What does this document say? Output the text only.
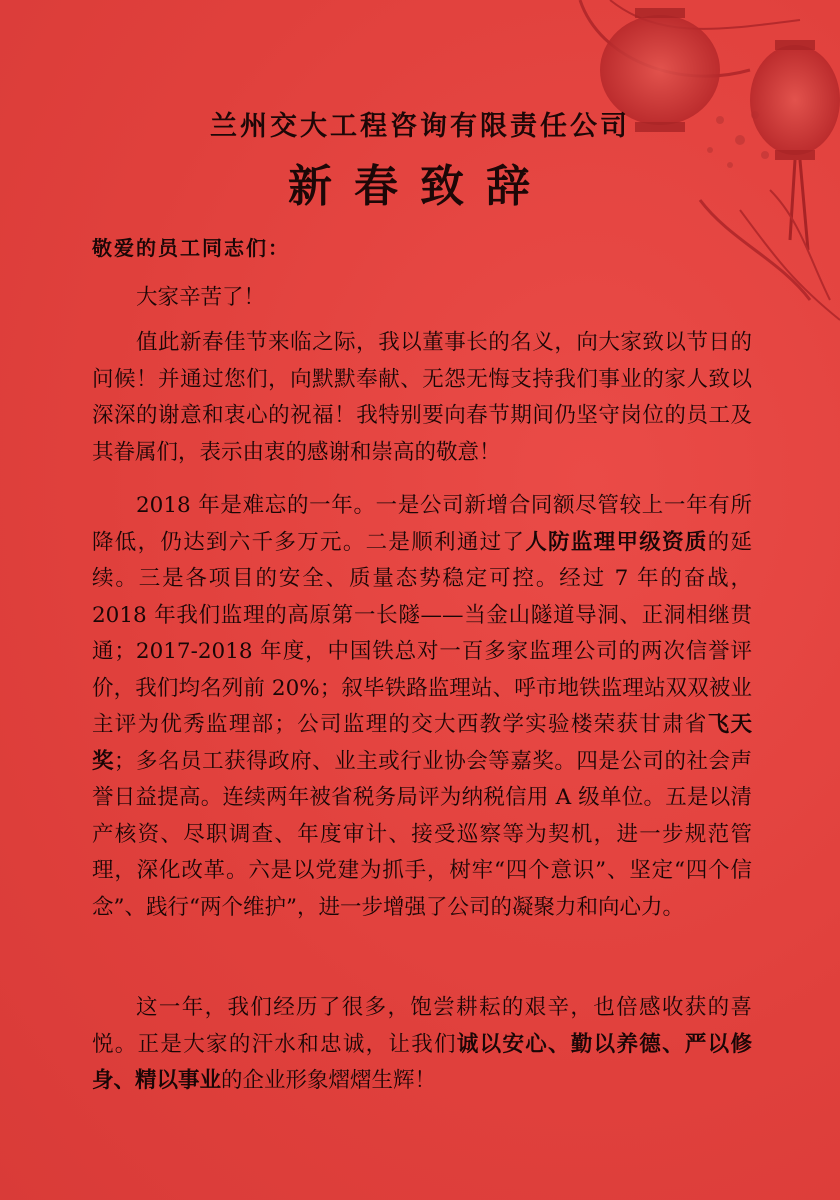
兰州交大工程咨询有限责任公司
新春致辞
敬爱的员工同志们：

大家辛苦了！

值此新春佳节来临之际，我以董事长的名义，向大家致以节日的问候！并通过您们，向默默奉献、无怨无悔支持我们事业的家人致以深深的谢意和衷心的祝福！我特别要向春节期间仍坚守岗位的员工及其眷属们，表示由衷的感谢和崇高的敬意！

2018 年是难忘的一年。一是公司新增合同额尽管较上一年有所降低，仍达到六千多万元。二是顺利通过了人防监理甲级资质的延续。三是各项目的安全、质量态势稳定可控。经过 7 年的奋战，2018 年我们监理的高原第一长隧——当金山隧道导洞、正洞相继贯通；2017-2018 年度，中国铁总对一百多家监理公司的两次信誉评价，我们均名列前 20%；叙毕铁路监理站、呼市地铁监理站双双被业主评为优秀监理部；公司监理的交大西教学实验楼荣获甘肃省飞天奖；多名员工获得政府、业主或行业协会等嘉奖。四是公司的社会声誉日益提高。连续两年被省税务局评为纳税信用 A 级单位。五是以清产核资、尽职调查、年度审计、接受巡察等为契机，进一步规范管理，深化改革。六是以党建为抓手，树牢“四个意识”、坚定“四个信念”、践行“两个维护”，进一步增强了公司的凝聚力和向心力。

这一年，我们经历了很多，饱尝耕耘的艰辛，也倍感收获的喜悦。正是大家的汗水和忠诚，让我们诚以安心、勤以养德、严以修身、精以事业的企业形象熠熠生辉！
